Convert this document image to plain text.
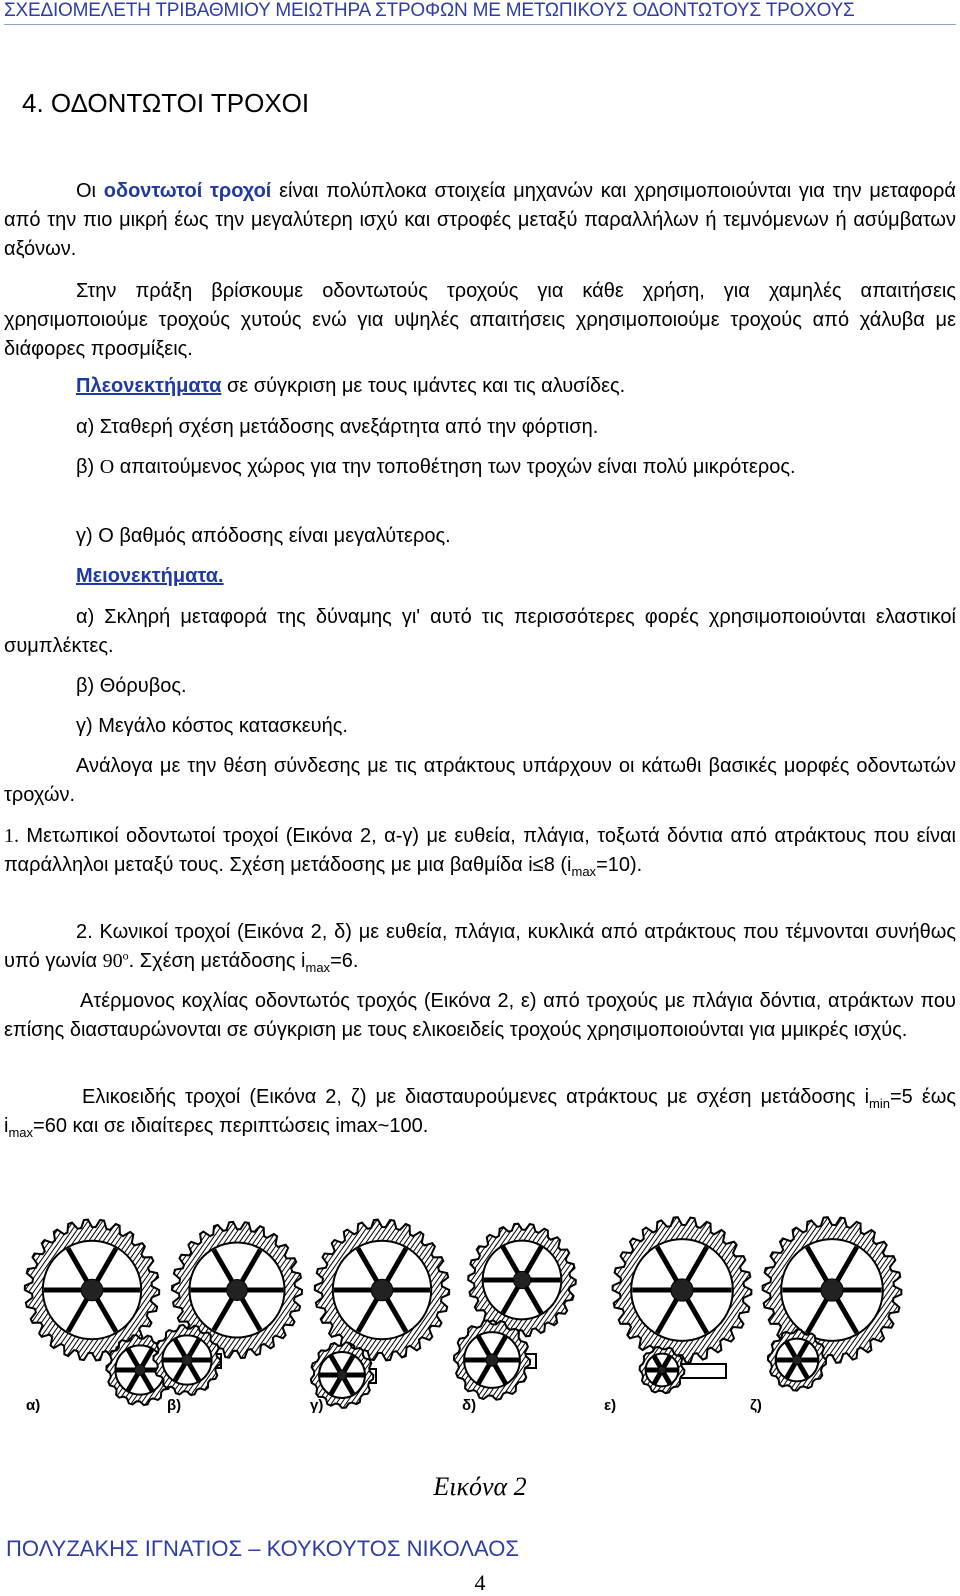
ΣΧΕΔΙΟΜΕΛΕΤΗ ΤΡΙΒΑΘΜΙΟΥ ΜΕΙΩΤΗΡΑ ΣΤΡΟΦΩΝ ΜΕ ΜΕΤΩΠΙΚΟΥΣ ΟΔΟΝΤΩΤΟΥΣ ΤΡΟΧΟΥΣ
4. ΟΔΟΝΤΩΤΟΙ ΤΡΟΧΟΙ

Οι οδοντωτοί τροχοί είναι πολύπλοκα στοιχεία μηχανών και χρησιμοποιούνται για την μεταφορά από την πιο μικρή έως την μεγαλύτερη ισχύ και στροφές μεταξύ παραλλήλων ή τεμνόμενων ή ασύμβατων αξόνων.

Στην πράξη βρίσκουμε οδοντωτούς τροχούς για κάθε χρήση, για χαμηλές απαιτήσεις χρησιμοποιούμε τροχούς χυτούς ενώ για υψηλές απαιτήσεις χρησιμοποιούμε τροχούς από χάλυβα με διάφορες προσμίξεις.

Πλεονεκτήματα σε σύγκριση με τους ιμάντες και τις αλυσίδες.

α) Σταθερή σχέση μετάδοσης ανεξάρτητα από την φόρτιση.

β) O απαιτούμενος χώρος για την τοποθέτηση των τροχών είναι πολύ μικρότερος.

γ) Ο βαθμός απόδοσης είναι μεγαλύτερος.

Μειονεκτήματα.

α) Σκληρή μεταφορά της δύναμης γι' αυτό τις περισσότερες φορές χρησιμοποιούνται ελαστικοί συμπλέκτες.

β) Θόρυβος.

γ) Μεγάλο κόστος κατασκευής.

Ανάλογα με την θέση σύνδεσης με τις ατράκτους υπάρχουν οι κάτωθι βασικές μορφές οδοντωτών τροχών.

1. Μετωπικοί οδοντωτοί τροχοί (Εικόνα 2, α-γ) με ευθεία, πλάγια, τοξωτά δόντια από ατράκτους που είναι παράλληλοι μεταξύ τους. Σχέση μετάδοσης με μια βαθμίδα i≤8 $(i_{max}=10)$.

2. Κωνικοί τροχοί (Εικόνα 2, δ) με ευθεία, πλάγια, κυκλικά από ατράκτους που τέμνονται συνήθως υπό γωνία 90$^o$. Σχέση μετάδοσης $i_{max}=6$.

Ατέρμονος κοχλίας οδοντωτός τροχός (Εικόνα 2, ε) από τροχούς με πλάγια δόντια, ατράκτων που επίσης διασταυρώνονται σε σύγκριση με τους ελικοειδείς τροχούς χρησιμοποιούνται για μμικρές ισχύς.

Ελικοειδής τροχοί (Εικόνα 2, ζ) με διασταυρούμενες ατράκτους με σχέση μετάδοσης $i_{min}=5$ έως $i_{max}=60$ και σε ιδιαίτερες περιπτώσεις imax~100.

α)	β)	γ)	δ)	ε)	ζ)
Εικόνα 2
ΠΟΛΥΖΑΚΗΣ ΙΓΝΑΤΙΟΣ – ΚΟΥΚΟΥΤΟΣ ΝΙΚΟΛΑΟΣ
4
